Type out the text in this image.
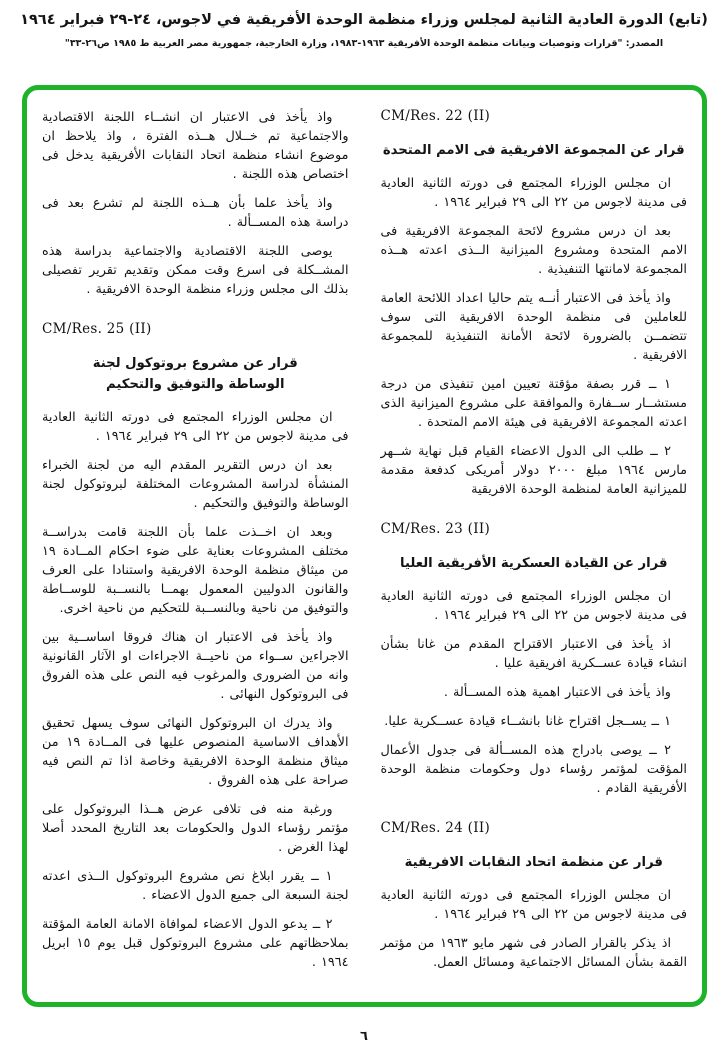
(تابع) الدورة العادية الثانية لمجلس وزراء منظمة الوحدة الأفريقية في لاجوس، ٢٤-٢٩ فبراير ١٩٦٤
المصدر: "قرارات وتوصيات وبيانات منظمة الوحدة الأفريقية ١٩٦٣-١٩٨٣، وزارة الخارجية، جمهورية مصر العربية ط ١٩٨٥ ص٢٦-٣٣"
CM/Res. 22 (II)
قرار عن المجموعة الافريقية فى الامم المتحدة

ان مجلس الوزراء المجتمع فى دورته الثانية العادية فى مدينة لاجوس من ٢٢ الى ٢٩ فبراير ١٩٦٤ .

بعد ان درس مشروع لائحة المجموعة الافريقية فى الامم المتحدة ومشروع الميزانية الــذى اعدته هــذه المجموعة لامانتها التنفيذية .

واذ يأخذ فى الاعتبار أنــه يتم حاليا اعداد اللائحة العامة للعاملين فى منظمة الوحدة الافريقية التى سوف تتضمــن بالضرورة لائحة الأمانة التنفيذية للمجموعة الافريقية .

١ ــ قرر بصفة مؤقتة تعيين امين تنفيذى من درجة مستشــار ســفارة والموافقة على مشروع الميزانية الذى اعدته المجموعة الافريقية فى هيئة الامم المتحدة .

٢ ــ طلب الى الدول الاعضاء القيام قبل نهاية شــهر مارس ١٩٦٤ مبلغ ٢٠٠٠ دولار أمريكى كدفعة مقدمة للميزانية العامة لمنظمة الوحدة الافريقية

CM/Res. 23 (II)
قرار عن القيادة العسكرية الأفريقية العليا

ان مجلس الوزراء المجتمع فى دورته الثانية العادية فى مدينة لاجوس من ٢٢ الى ٢٩ فبراير ١٩٦٤ .

اذ يأخذ فى الاعتبار الاقتراح المقدم من غانا بشأن انشاء قيادة عســكرية افريقية عليا .

واذ يأخذ فى الاعتبار اهمية هذه المســألة .

١ ــ يســجل اقتراح غانا بانشــاء قيادة عســكرية عليا.

٢ ــ يوصى بادراج هذه المســألة فى جدول الأعمال المؤقت لمؤتمر رؤساء دول وحكومات منظمة الوحدة الأفريقية القادم .

CM/Res. 24 (II)
قرار عن منظمة اتحاد النقابات الافريقية

ان مجلس الوزراء المجتمع فى دورته الثانية العادية فى مدينة لاجوس من ٢٢ الى ٢٩ فبراير ١٩٦٤ .

اذ يذكر بالقرار الصادر فى شهر مايو ١٩٦٣ من مؤتمر القمة بشأن المسائل الاجتماعية ومسائل العمل.

واذ يأخذ فى الاعتبار ان انشــاء اللجنة الاقتصادية والاجتماعية تم خــلال هــذه الفترة ، واذ يلاحظ ان موضوع انشاء منظمة اتحاد النقابات الأفريقية يدخل فى اختصاص هذه اللجنة .

واذ يأخذ علما بأن هــذه اللجنة لم تشرع بعد فى دراسة هذه المســألة .

يوصى اللجنة الاقتصادية والاجتماعية بدراسة هذه المشــكلة فى اسرع وقت ممكن وتقديم تقرير تفصيلى بذلك الى مجلس وزراء منظمة الوحدة الافريقية .

CM/Res. 25 (II)
قرار عن مشروع بروتوكول لجنة
الوساطة والتوفيق والتحكيم

ان مجلس الوزراء المجتمع فى دورته الثانية العادية فى مدينة لاجوس من ٢٢ الى ٢٩ فبراير ١٩٦٤ .

بعد ان درس التقرير المقدم اليه من لجنة الخبراء المنشأة لدراسة المشروعات المختلفة لبروتوكول لجنة الوساطة والتوفيق والتحكيم .

وبعد ان اخــذت علما بأن اللجنة قامت بدراســة مختلف المشروعات بعناية على ضوء احكام المــادة ١٩ من ميثاق منظمة الوحدة الافريقية واستنادا على العرف والقانون الدوليين المعمول بهمــا بالنســبة للوســاطة والتوفيق من ناحية وبالنســبة للتحكيم من ناحية اخرى.

واذ يأخذ فى الاعتبار ان هناك فروقا اساســية بين الاجراءين ســواء من ناحيــة الاجراءات او الآثار القانونية وانه من الضرورى والمرغوب فيه النص على هذه الفروق فى البروتوكول النهائى .

واذ يدرك ان البروتوكول النهائى سوف يسهل تحقيق الأهداف الاساسية المنصوص عليها فى المــادة ١٩ من ميثاق منظمة الوحدة الافريقية وخاصة اذا تم النص فيه صراحة على هذه الفروق .

ورغبة منه فى تلافى عرض هــذا البروتوكول على مؤتمر رؤساء الدول والحكومات بعد التاريخ المحدد أصلا لهذا الغرض .

١ ــ يقرر ابلاغ نص مشروع البروتوكول الــذى اعدته لجنة السبعة الى جميع الدول الاعضاء .

٢ ــ يدعو الدول الاعضاء لموافاة الامانة العامة المؤقتة بملاحظاتهم على مشروع البروتوكول قبل يوم ١٥ ابريل ١٩٦٤ .

٦
